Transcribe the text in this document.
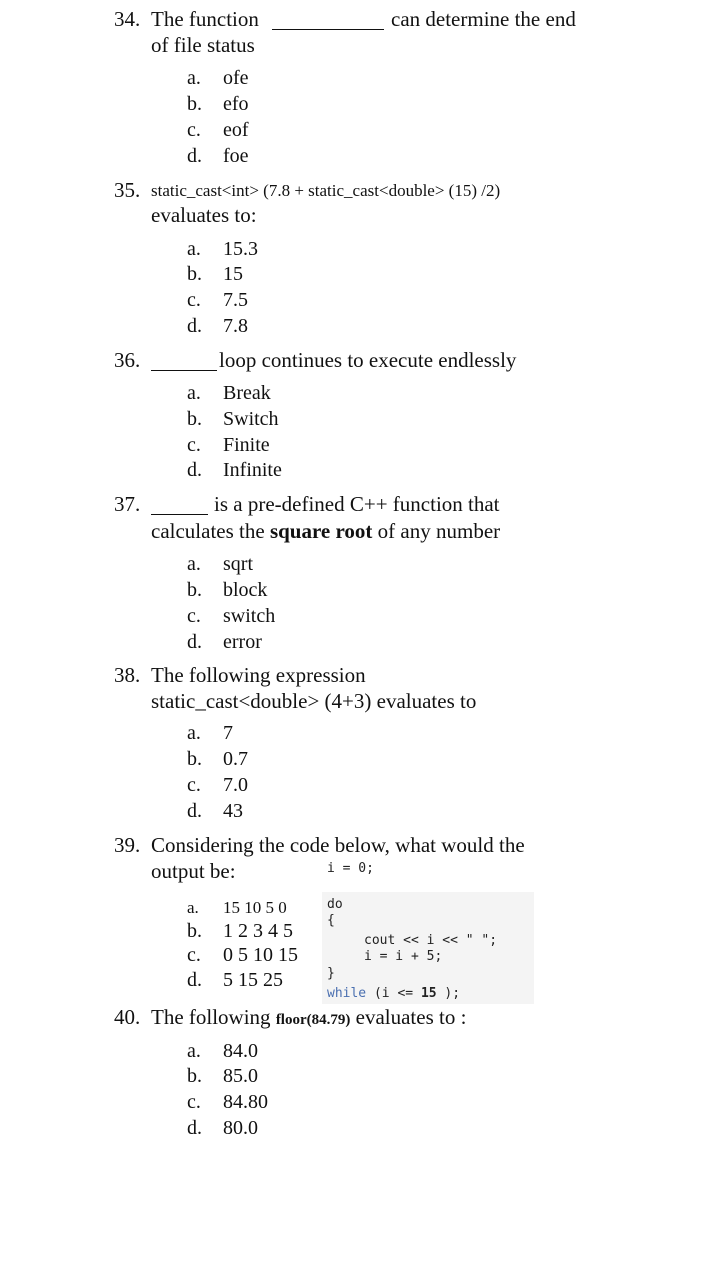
34. The function	can determine the end
of file status
a. ofe
b. efo
c. eof
d. foe
35. static_cast<int> (7.8 + static_cast<double> (15) /2)
evaluates to:
a. 15.3
b. 15
c. 7.5
d. 7.8
36.	loop continues to execute endlessly
a. Break
b. Switch
c. Finite
d. Infinite
37.	is a pre-defined C++ function that
calculates the square root of any number
a. sqrt
b. block
c. switch
d. error
38. The following expression
static_cast<double> (4+3) evaluates to
a. 7
b. 0.7
c. 7.0
d. 43
39. Considering the code below, what would the
output be:	i = 0;
do
{
cout << i << " ";
i = i + 5;
}
while (i <= 15 );
a. 15 10 5 0
b. 1 2 3 4 5
c. 0 5 10 15
d. 5 15 25
40. The following floor(84.79) evaluates to :
a. 84.0
b. 85.0
c. 84.80
d. 80.0
